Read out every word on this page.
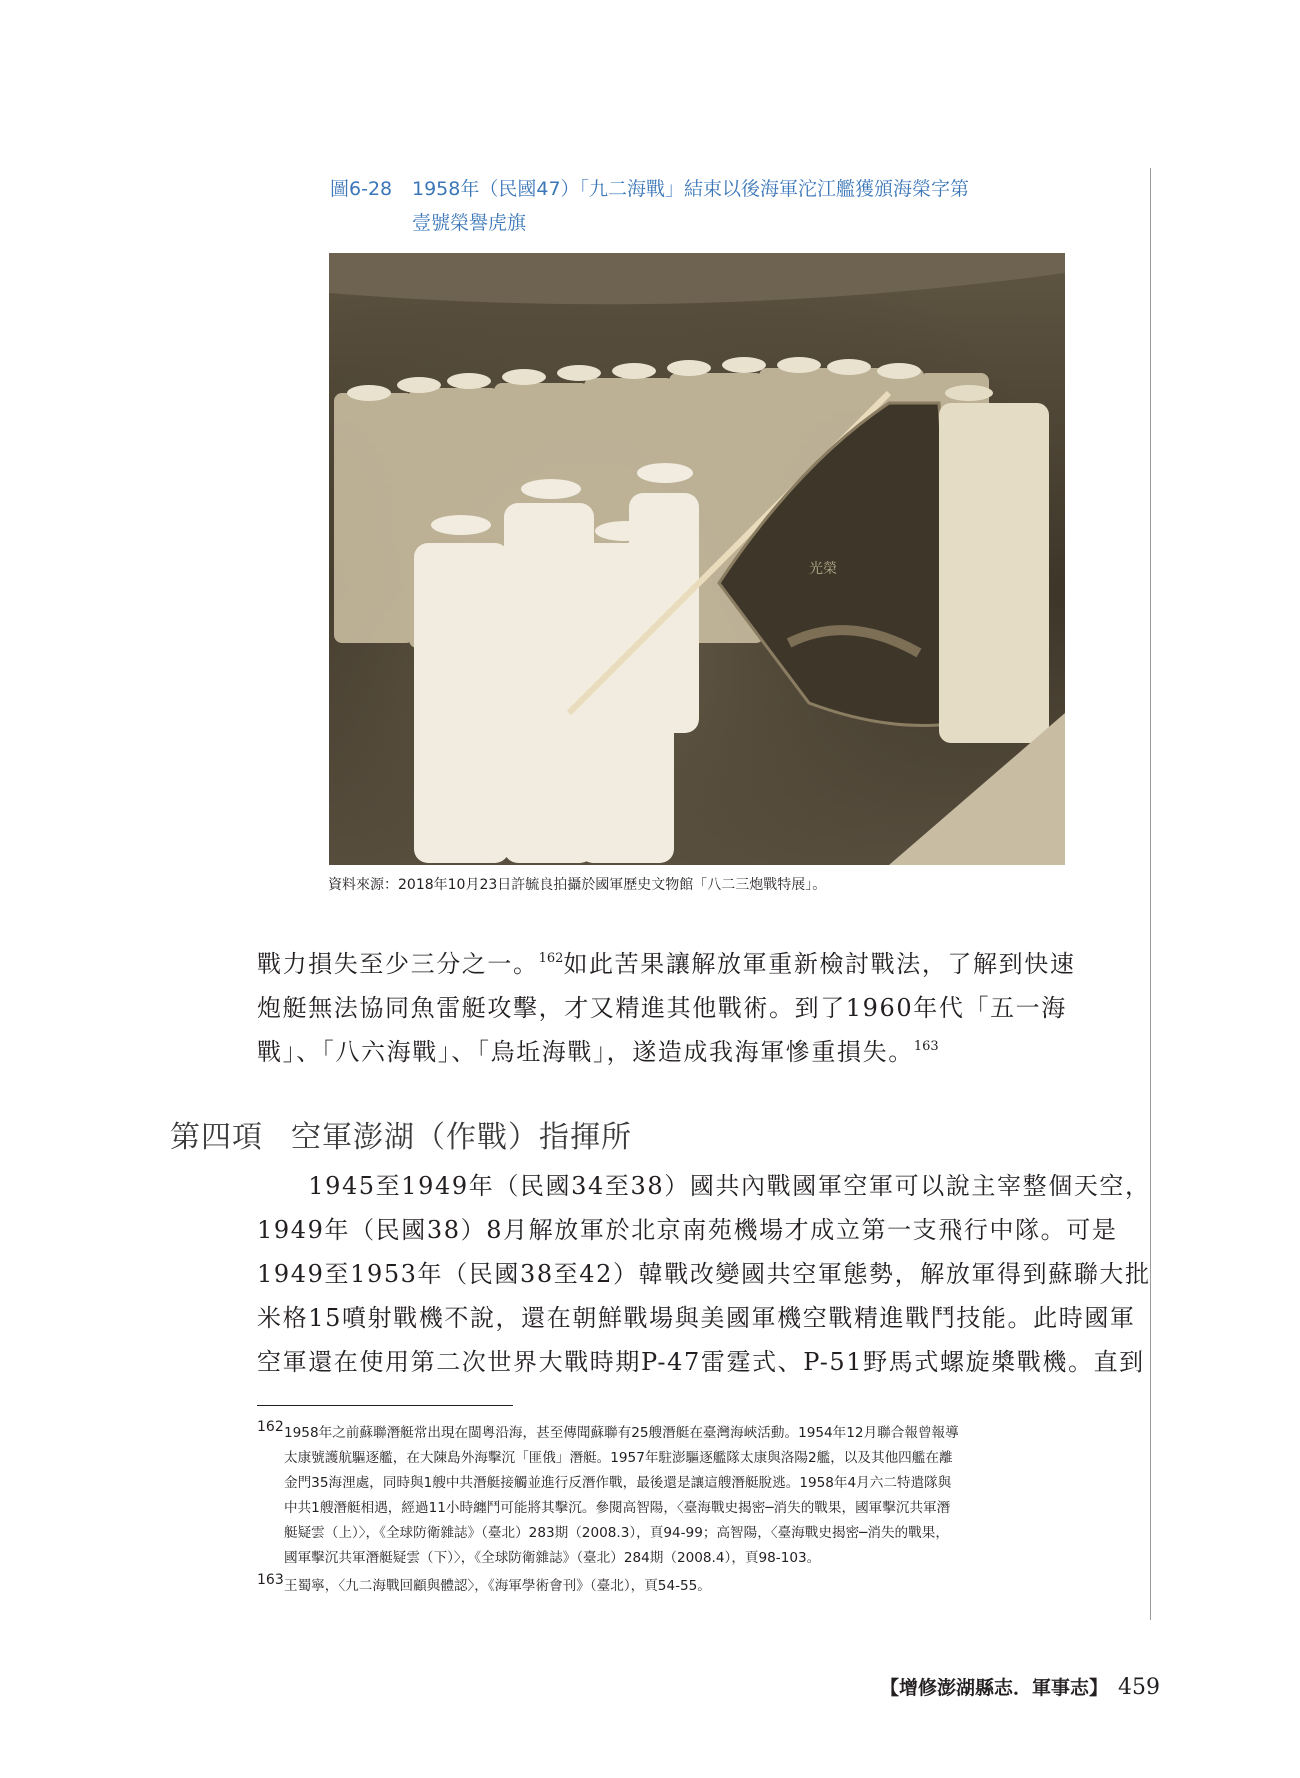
圖6-28 1958年（民國47）「九二海戰」結束以後海軍沱江艦獲頒海榮字第
壹號榮譽虎旗
光榮
資料來源：2018年10月23日許毓良拍攝於國軍歷史文物館「八二三炮戰特展」。
戰力損失至少三分之一。$^{162}$如此苦果讓解放軍重新檢討戰法，了解到快速
炮艇無法協同魚雷艇攻擊，才又精進其他戰術。到了1960年代「五一海
戰」、「八六海戰」、「烏坵海戰」，遂造成我海軍慘重損失。$^{163}$
第四項 空軍澎湖（作戰）指揮所
　　1945至1949年（民國34至38）國共內戰國軍空軍可以說主宰整個天空，
1949年（民國38）8月解放軍於北京南苑機場才成立第一支飛行中隊。可是
1949至1953年（民國38至42）韓戰改變國共空軍態勢，解放軍得到蘇聯大批
米格15噴射戰機不說，還在朝鮮戰場與美國軍機空戰精進戰鬥技能。此時國軍
空軍還在使用第二次世界大戰時期P-47雷霆式、P-51野馬式螺旋槳戰機。直到
162 1958年之前蘇聯潛艇常出現在閩粵沿海，甚至傳聞蘇聯有25艘潛艇在臺灣海峽活動。1954年12月聯合報曾報導
太康號護航驅逐艦，在大陳島外海擊沉「匪俄」潛艇。1957年駐澎驅逐艦隊太康與洛陽2艦，以及其他四艦在離
金門35海浬處，同時與1艘中共潛艇接觸並進行反潛作戰，最後還是讓這艘潛艇脫逃。1958年4月六二特遣隊與
中共1艘潛艇相遇，經過11小時纏鬥可能將其擊沉。參閱高智陽，〈臺海戰史揭密─消失的戰果，國軍擊沉共軍潛
艇疑雲（上）〉，《全球防衛雜誌》（臺北）283期（2008.3），頁94-99；高智陽，〈臺海戰史揭密─消失的戰果，
國軍擊沉共軍潛艇疑雲（下）〉，《全球防衛雜誌》（臺北）284期（2008.4），頁98-103。
163 王蜀寧，〈九二海戰回顧與體認〉，《海軍學術會刊》（臺北），頁54-55。
【增修澎湖縣志．軍事志】 459
